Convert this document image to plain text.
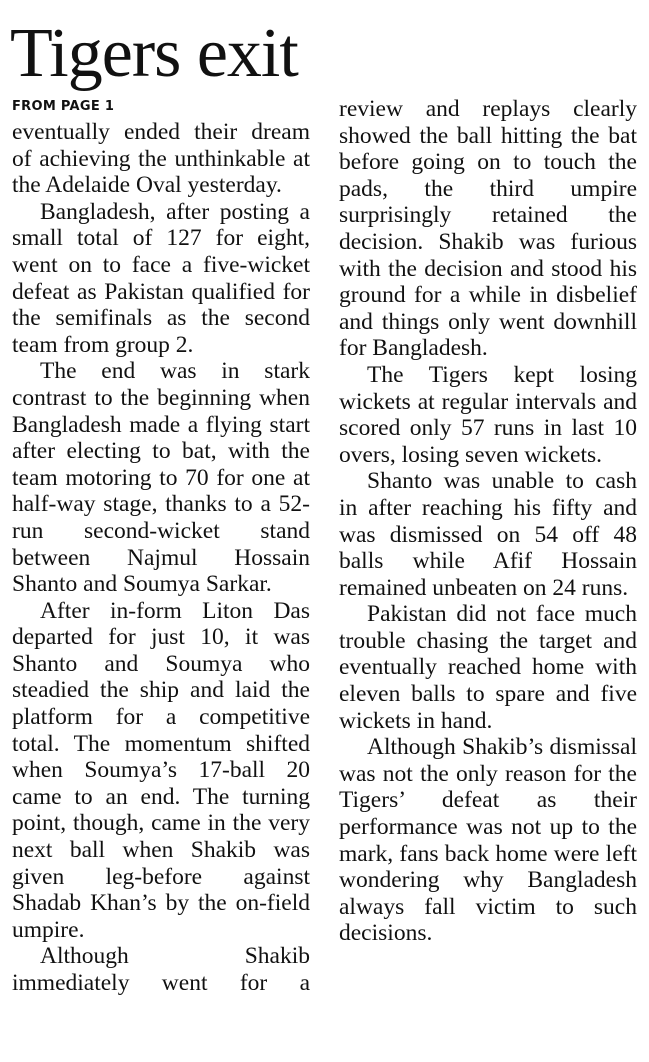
Tigers exit
FROM PAGE 1

eventually ended their dream of achieving the unthinkable at the Adelaide Oval yesterday.

Bangladesh, after posting a small total of 127 for eight, went on to face a five-wicket defeat as Pakistan qualified for the semifinals as the second team from group 2.

The end was in stark contrast to the beginning when Bangladesh made a flying start after electing to bat, with the team motoring to 70 for one at half-way stage, thanks to a 52-run second-wicket stand between Najmul Hossain Shanto and Soumya Sarkar.

After in-form Liton Das departed for just 10, it was Shanto and Soumya who steadied the ship and laid the platform for a competitive total. The momentum shifted when Soumya’s 17-ball 20 came to an end. The turning point, though, came in the very next ball when Shakib was given leg-before against Shadab Khan’s by the on-field umpire.

Although Shakib immediately went for a

review and replays clearly showed the ball hitting the bat before going on to touch the pads, the third umpire surprisingly retained the decision. Shakib was furious with the decision and stood his ground for a while in disbelief and things only went downhill for Bangladesh.

The Tigers kept losing wickets at regular intervals and scored only 57 runs in last 10 overs, losing seven wickets.

Shanto was unable to cash in after reaching his fifty and was dismissed on 54 off 48 balls while Afif Hossain remained unbeaten on 24 runs.

Pakistan did not face much trouble chasing the target and eventually reached home with eleven balls to spare and five wickets in hand.

Although Shakib’s dismissal was not the only reason for the Tigers’ defeat as their performance was not up to the mark, fans back home were left wondering why Bangladesh always fall victim to such decisions.
